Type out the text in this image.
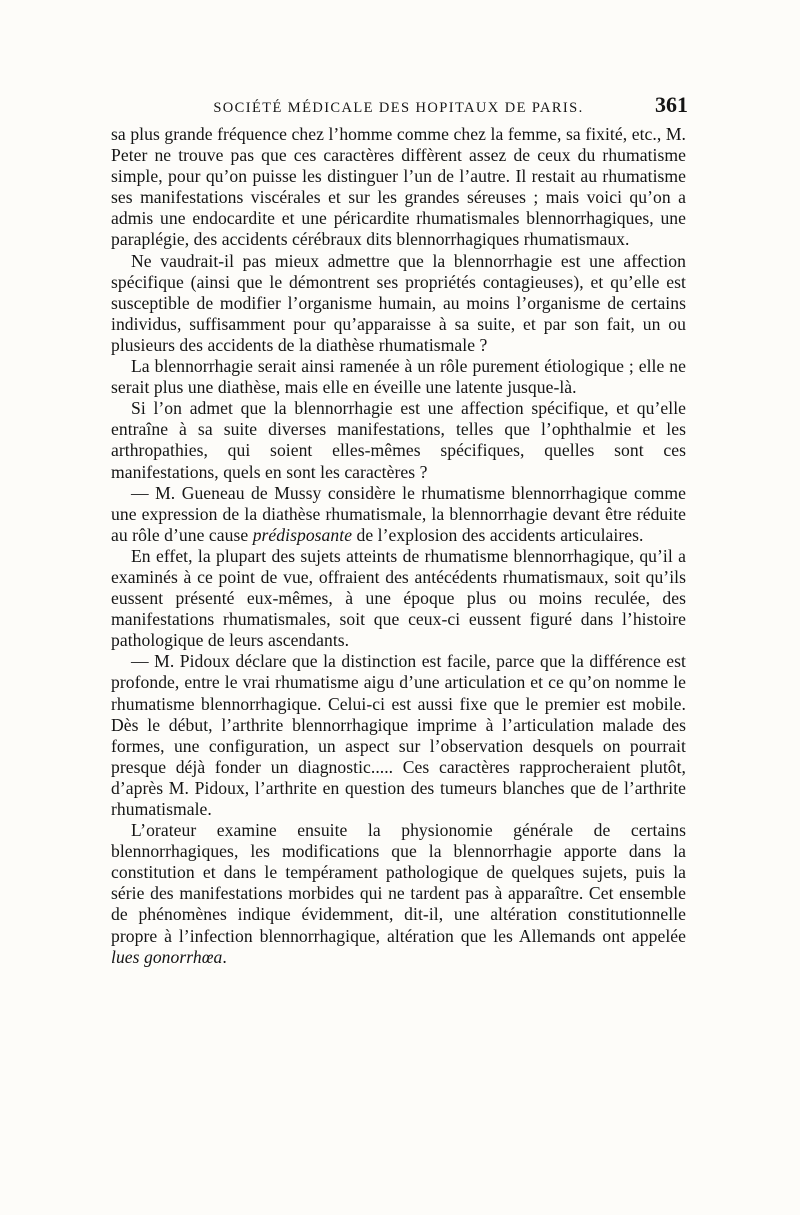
SOCIÉTÉ MÉDICALE DES HOPITAUX DE PARIS.	361

sa plus grande fréquence chez l’homme comme chez la femme, sa fixité, etc., M. Peter ne trouve pas que ces caractères diffèrent assez de ceux du rhumatisme simple, pour qu’on puisse les distinguer l’un de l’autre. Il restait au rhumatisme ses manifestations viscérales et sur les grandes séreuses ; mais voici qu’on a admis une endocardite et une péricardite rhumatismales blennorrhagiques, une paraplégie, des accidents cérébraux dits blennorrhagiques rhumatismaux.

Ne vaudrait-il pas mieux admettre que la blennorrhagie est une affection spécifique (ainsi que le démontrent ses propriétés contagieuses), et qu’elle est susceptible de modifier l’organisme humain, au moins l’organisme de certains individus, suffisamment pour qu’apparaisse à sa suite, et par son fait, un ou plusieurs des accidents de la diathèse rhumatismale ?

La blennorrhagie serait ainsi ramenée à un rôle purement étiologique ; elle ne serait plus une diathèse, mais elle en éveille une latente jusque-là.

Si l’on admet que la blennorrhagie est une affection spécifique, et qu’elle entraîne à sa suite diverses manifestations, telles que l’ophthalmie et les arthropathies, qui soient elles-mêmes spécifiques, quelles sont ces manifestations, quels en sont les caractères ?

— M. Gueneau de Mussy considère le rhumatisme blennorrhagique comme une expression de la diathèse rhumatismale, la blennorrhagie devant être réduite au rôle d’une cause prédisposante de l’explosion des accidents articulaires.

En effet, la plupart des sujets atteints de rhumatisme blennorrhagique, qu’il a examinés à ce point de vue, offraient des antécédents rhumatismaux, soit qu’ils eussent présenté eux-mêmes, à une époque plus ou moins reculée, des manifestations rhumatismales, soit que ceux-ci eussent figuré dans l’histoire pathologique de leurs ascendants.

— M. Pidoux déclare que la distinction est facile, parce que la différence est profonde, entre le vrai rhumatisme aigu d’une articulation et ce qu’on nomme le rhumatisme blennorrhagique. Celui-ci est aussi fixe que le premier est mobile. Dès le début, l’arthrite blennorrhagique imprime à l’articulation malade des formes, une configuration, un aspect sur l’observation desquels on pourrait presque déjà fonder un diagnostic..... Ces caractères rapprocheraient plutôt, d’après M. Pidoux, l’arthrite en question des tumeurs blanches que de l’arthrite rhumatismale.

L’orateur examine ensuite la physionomie générale de certains blennorrhagiques, les modifications que la blennorrhagie apporte dans la constitution et dans le tempérament pathologique de quelques sujets, puis la série des manifestations morbides qui ne tardent pas à apparaître. Cet ensemble de phénomènes indique évidemment, dit-il, une altération constitutionnelle propre à l’infection blennorrhagique, altération que les Allemands ont appelée lues gonorrhœa.
